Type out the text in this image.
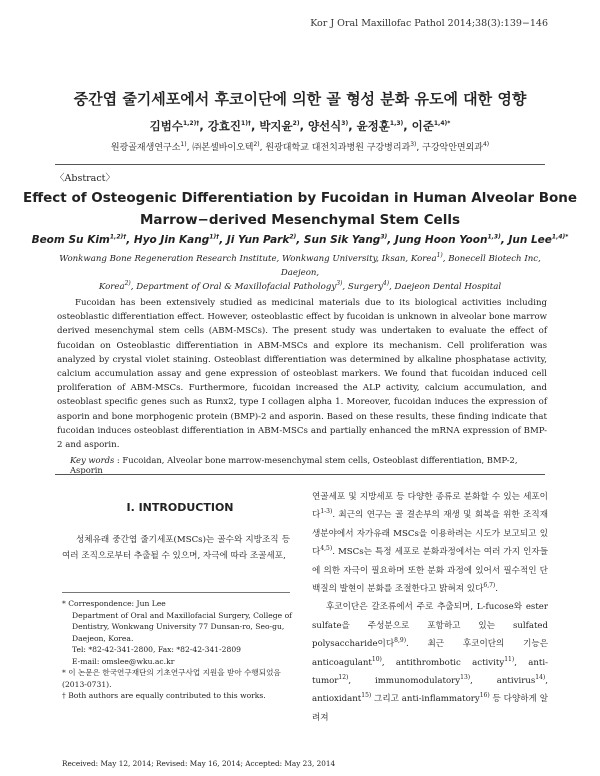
Kor J Oral Maxillofac Pathol 2014;38(3):139−146
중간엽 줄기세포에서 후코이단에 의한 골 형성 분화 유도에 대한 영향
김범수$^{1,2)\dagger}$, 강효진$^{1)\dagger}$, 박지윤$^{2)}$, 양선식$^{3)}$, 윤정훈$^{1,3)}$, 이준$^{1,4)*}$
원광골재생연구소$^{1)}$, ㈜본셀바이오텍$^{2)}$, 원광대학교 대전치과병원 구강병리과$^{3)}$, 구강악안면외과$^{4)}$
〈Abstract〉
Effect of Osteogenic Differentiation by Fucoidan in Human Alveolar Bone
Marrow−derived Mesenchymal Stem Cells
Beom Su Kim$^{1,2)\dagger}$, Hyo Jin Kang$^{1)\dagger}$, Ji Yun Park$^{2)}$, Sun Sik Yang$^{3)}$, Jung Hoon Yoon$^{1,3)}$, Jun Lee$^{1,4)*}$
Wonkwang Bone Regeneration Research Institute, Wonkwang University, Iksan, Korea$^{1)}$, Bonecell Biotech Inc, Daejeon,
Korea$^{2)}$, Department of Oral & Maxillofacial Pathology$^{3)}$, Surgery$^{4)}$, Daejeon Dental Hospital
Fucoidan has been extensively studied as medicinal materials due to its biological activities including osteoblastic differentiation effect. However, osteoblastic effect by fucoidan is unknown in alveolar bone marrow derived mesenchymal stem cells (ABM-MSCs). The present study was undertaken to evaluate the effect of fucoidan on Osteoblastic differentiation in ABM-MSCs and explore its mechanism. Cell proliferation was analyzed by crystal violet staining. Osteoblast differentiation was determined by alkaline phosphatase activity, calcium accumulation assay and gene expression of osteoblast markers. We found that fucoidan induced cell proliferation of ABM-MSCs. Furthermore, fucoidan increased the ALP activity, calcium accumulation, and osteoblast specific genes such as Runx2, type I collagen alpha 1. Moreover, fucoidan induces the expression of asporin and bone morphogenic protein (BMP)-2 and asporin. Based on these results, these finding indicate that fucoidan induces osteoblast differentiation in ABM-MSCs and partially enhanced the mRNA expression of BMP-2 and asporin.
Key words : Fucoidan, Alveolar bone marrow-mesenchymal stem cells, Osteoblast differentiation, BMP-2, Asporin
Ⅰ. INTRODUCTION
성체유래 중간엽 줄기세포(MSCs)는 골수와 지방조직 등 여러 조직으로부터 추출될 수 있으며, 자극에 따라 조골세포,

* Correspondence: Jun Lee

Department of Oral and Maxillofacial Surgery, College of Dentistry, Wonkwang University 77 Dunsan-ro, Seo-gu, Daejeon, Korea.

Tel: *82-42-341-2800, Fax: *82-42-341-2809

E-mail: omslee@wku.ac.kr

* 이 논문은 한국연구재단의 기초연구사업 지원을 받아 수행되었음(2013-0731).

† Both authors are equally contributed to this works.

Received: May 12, 2014; Revised: May 16, 2014; Accepted: May 23, 2014

연골세포 및 지방세포 등 다양한 종류로 분화할 수 있는 세포이다$^{1-3)}$. 최근의 연구는 골 결손부의 재생 및 회복을 위한 조직재생분야에서 자가유래 MSCs을 이용하려는 시도가 보고되고 있다$^{4,5)}$. MSCs는 특정 세포로 분화과정에서는 여러 가지 인자들에 의한 자극이 필요하며 또한 분화 과정에 있어서 필수적인 단백질의 발현이 분화를 조절한다고 밝혀져 있다$^{6,7)}$.

후코이단은 갈조류에서 주로 추출되며, L-fucose와 ester sulfate을 주성분으로 포함하고 있는 sulfated polysaccharide이다$^{8,9)}$. 최근 후코이단의 기능은 anticoagulant$^{10)}$, antithrombotic activity$^{11)}$, anti-tumor$^{12)}$, immunomodulatory$^{13)}$, antivirus$^{14)}$, antioxidant$^{15)}$ 그리고 anti-inflammatory$^{16)}$ 등 다양하게 알려져
